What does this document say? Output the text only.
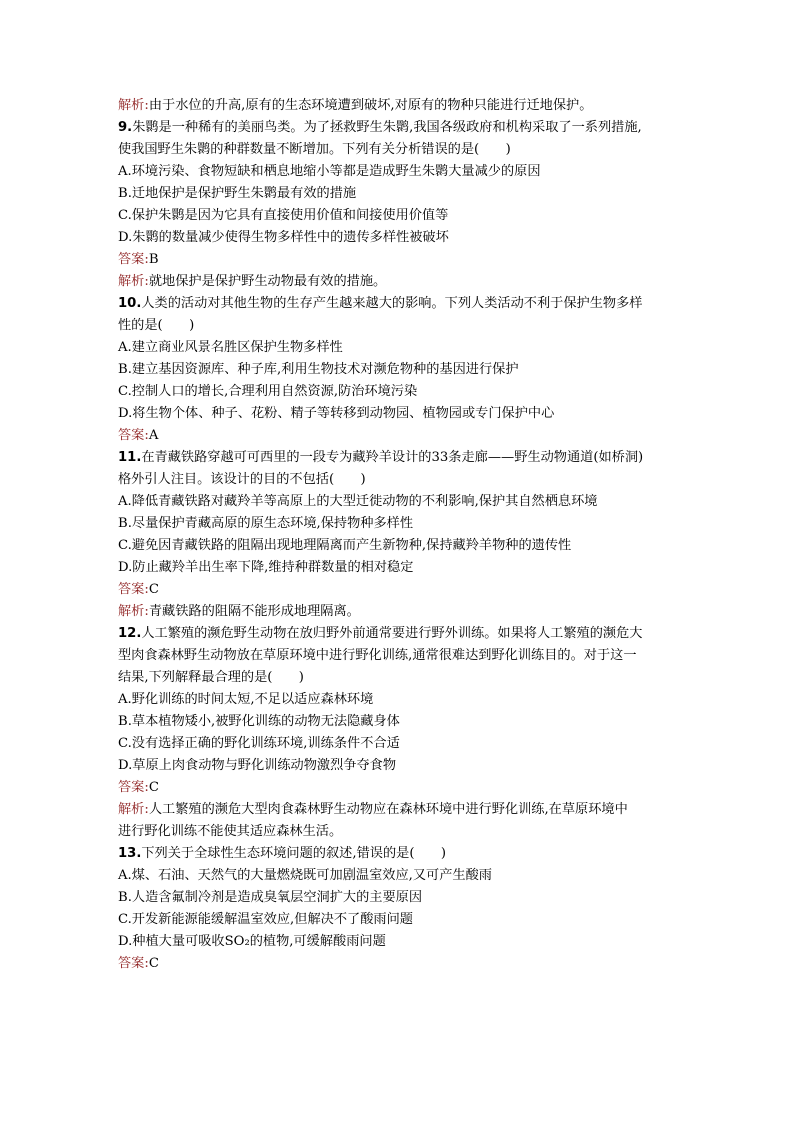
解析:由于水位的升高,原有的生态环境遭到破坏,对原有的物种只能进行迁地保护。
9.朱鹮是一种稀有的美丽鸟类。为了拯救野生朱鹮,我国各级政府和机构采取了一系列措施,
使我国野生朱鹮的种群数量不断增加。下列有关分析错误的是(　　)
A.环境污染、食物短缺和栖息地缩小等都是造成野生朱鹮大量减少的原因
B.迁地保护是保护野生朱鹮最有效的措施
C.保护朱鹮是因为它具有直接使用价值和间接使用价值等
D.朱鹮的数量减少使得生物多样性中的遗传多样性被破坏
答案:B
解析:就地保护是保护野生动物最有效的措施。
10.人类的活动对其他生物的生存产生越来越大的影响。下列人类活动不利于保护生物多样
性的是(　　)
A.建立商业风景名胜区保护生物多样性
B.建立基因资源库、种子库,利用生物技术对濒危物种的基因进行保护
C.控制人口的增长,合理利用自然资源,防治环境污染
D.将生物个体、种子、花粉、精子等转移到动物园、植物园或专门保护中心
答案:A
11.在青藏铁路穿越可可西里的一段专为藏羚羊设计的33条走廊——野生动物通道(如桥洞)
格外引人注目。该设计的目的不包括(　　)
A.降低青藏铁路对藏羚羊等高原上的大型迁徙动物的不利影响,保护其自然栖息环境
B.尽量保护青藏高原的原生态环境,保持物种多样性
C.避免因青藏铁路的阻隔出现地理隔离而产生新物种,保持藏羚羊物种的遗传性
D.防止藏羚羊出生率下降,维持种群数量的相对稳定
答案:C
解析:青藏铁路的阻隔不能形成地理隔离。
12.人工繁殖的濒危野生动物在放归野外前通常要进行野外训练。如果将人工繁殖的濒危大
型肉食森林野生动物放在草原环境中进行野化训练,通常很难达到野化训练目的。对于这一
结果,下列解释最合理的是(　　)
A.野化训练的时间太短,不足以适应森林环境
B.草本植物矮小,被野化训练的动物无法隐藏身体
C.没有选择正确的野化训练环境,训练条件不合适
D.草原上肉食动物与野化训练动物激烈争夺食物
答案:C
解析:人工繁殖的濒危大型肉食森林野生动物应在森林环境中进行野化训练,在草原环境中
进行野化训练不能使其适应森林生活。
13.下列关于全球性生态环境问题的叙述,错误的是(　　)
A.煤、石油、天然气的大量燃烧既可加剧温室效应,又可产生酸雨
B.人造含氟制冷剂是造成臭氧层空洞扩大的主要原因
C.开发新能源能缓解温室效应,但解决不了酸雨问题
D.种植大量可吸收SO₂的植物,可缓解酸雨问题
答案:C
